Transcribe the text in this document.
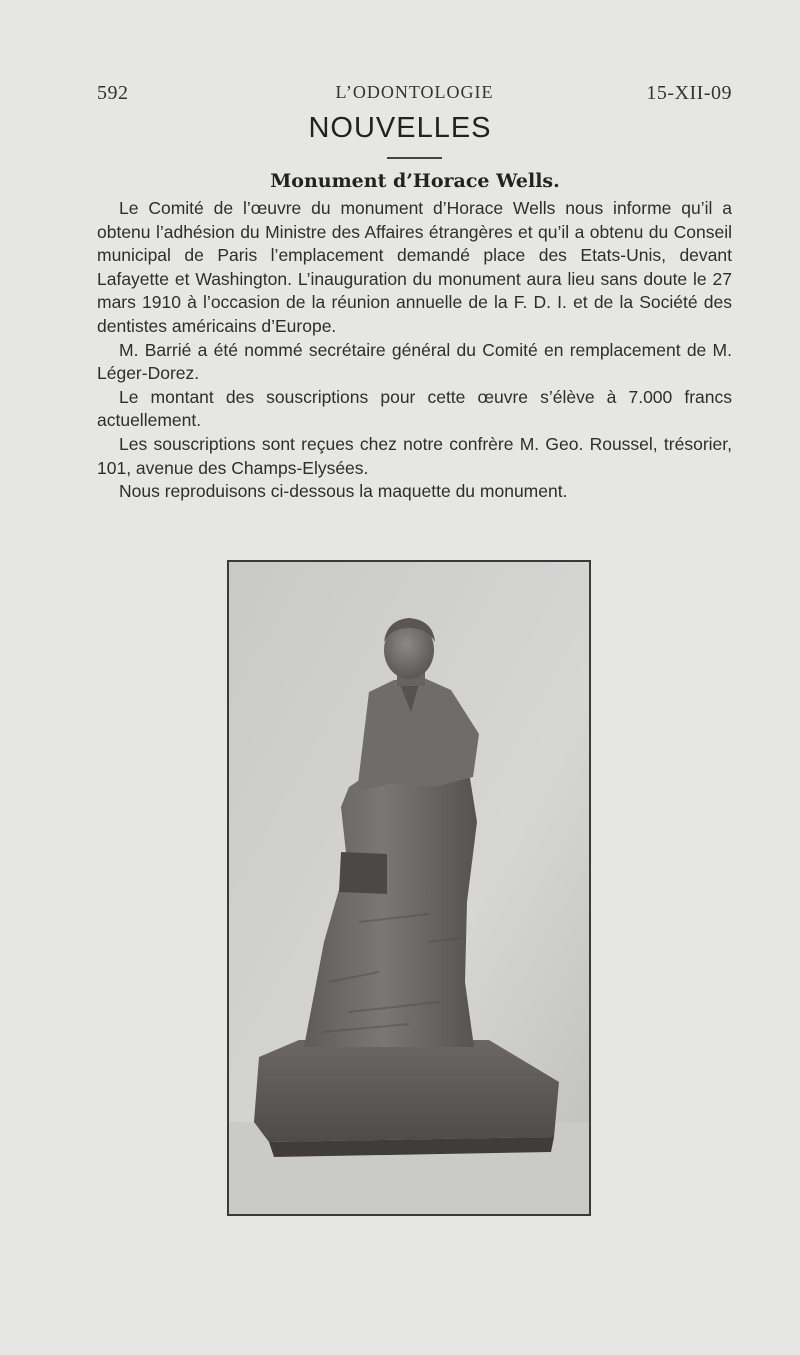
592	L’ODONTOLOGIE	15-XII-09
NOUVELLES
Monument d’Horace Wells.

Le Comité de l’œuvre du monument d’Horace Wells nous informe qu’il a obtenu l’adhésion du Ministre des Affaires étrangères et qu’il a obtenu du Conseil municipal de Paris l’emplacement demandé place des Etats-Unis, devant Lafayette et Washington. L’inauguration du monument aura lieu sans doute le 27 mars 1910 à l’occasion de la réunion annuelle de la F. D. I. et de la Société des dentistes américains d’Europe.

M. Barrié a été nommé secrétaire général du Comité en remplacement de M. Léger-Dorez.

Le montant des souscriptions pour cette œuvre s’élève à 7.000 francs actuellement.

Les souscriptions sont reçues chez notre confrère M. Geo. Roussel, trésorier, 101, avenue des Champs-Elysées.

Nous reproduisons ci-dessous la maquette du monument.
